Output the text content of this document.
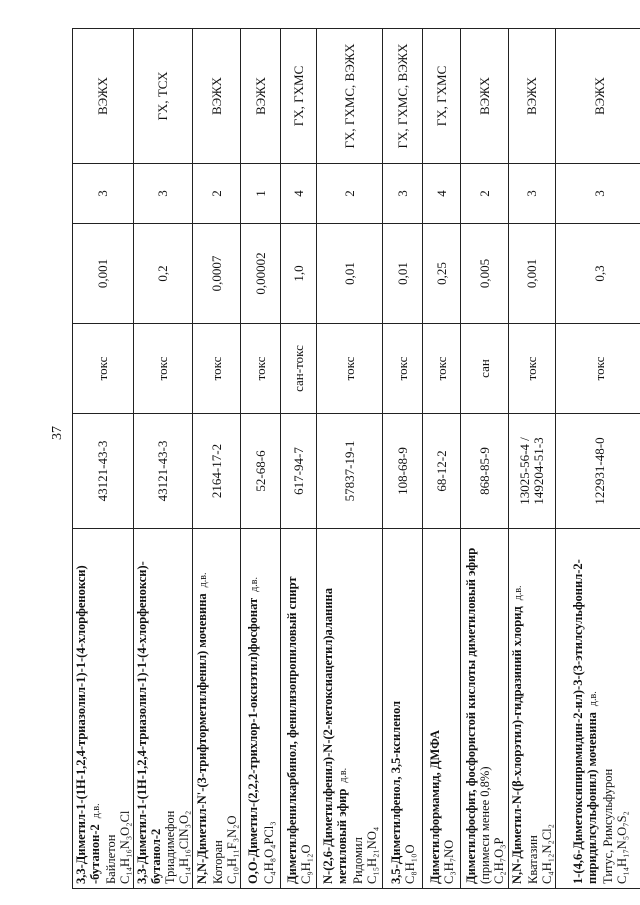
37
3,3-Диметил-1-(1Н-1,2,4-триазолил-1)-1-(4-хлорфенокси) -бутанон-2д.в.
Байлетон C₁₄H₁₆N₃O₂Cl	43121-43-3	токс	0,001	3	ВЭЖХ
3,3-Диметил-1-(1Н-1,2,4-триазолил-1)-1-(4-хлорфенокси)-бутанол-2 Триадимефон C₁₄H₁₆ClN₃O₂	43121-43-3	токс	0,2	3	ГХ, ТСХ
N,N-Диметил-N'-(3-трифторметилфенил) мочевинад.в.
Которан C₁₀H₁₁F₃N₂O	2164-17-2	токс	0,0007	2	ВЭЖХ
O,O-Диметил-(2,2,2-трихлор-1-оксиэтил)фосфонатд.в.
C₄H₈O₄PCl₃	52-68-6	токс	0,00002	1	ВЭЖХ
Диметилфенилкарбинол, фенилизопропиловый спирт C₉H₁₂O	617-94-7	сан-токс	1,0	4	ГХ, ГХМС
N-(2,6-Диметилфенил)-N-(2-метоксиацетил)аланина метиловый эфирд.в.
Ридомил C₁₅H₂₁NO₄	57837-19-1	токс	0,01	2	ГХ, ГХМС, ВЭЖХ
3,5-Диметилфенол, 3,5-ксиленол C₈H₁₀O	108-68-9	токс	0,01	3	ГХ, ГХМС, ВЭЖХ
Диметилформамид, ДМФА C₃H₇NO	68-12-2	токс	0,25	4	ГХ, ГХМС
Диметилфосфит, фосфористой кислоты диметиловый эфир (примеси менее 0,8%) C₂H₇O₃P	868-85-9	сан	0,005	2	ВЭЖХ
N,N-Диметил-N-(β-хлорэтил)-гидразиний хлоридд.в.
Кватазин C₄H₁₂N₂Cl₂	13025-56-4 / 149204-51-3	токс	0,001	3	ВЭЖХ
1-(4,6-Диметоксипиримидин-2-ил)-3-(3-этилсульфонил-2-пиридилсульфонил) мочевинад.в.
Титус, Римсульфурон C₁₄H₁₇N₅O₇S₂	122931-48-0	токс	0,3	3	ВЭЖХ
